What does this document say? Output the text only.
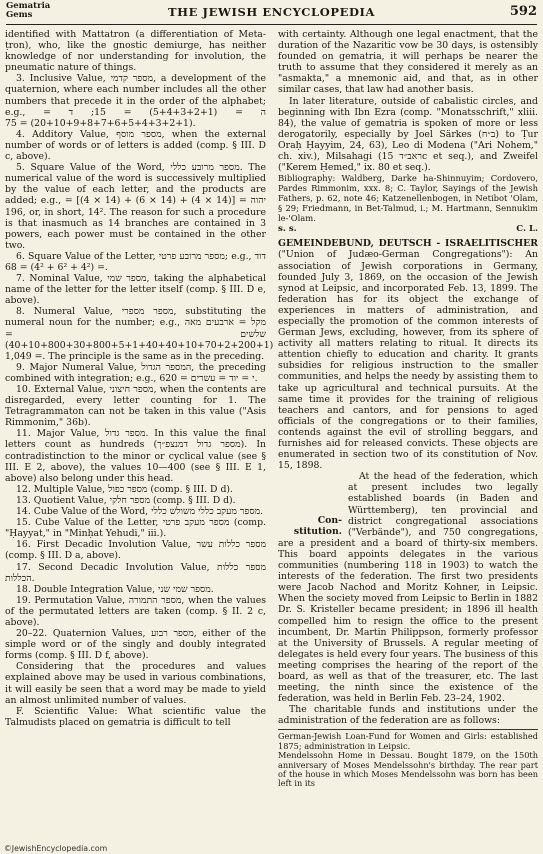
Gematria
Gems	THE JEWISH ENCYCLOPEDIA	592

identified with Mattatron (a differentiation of Meta-ṭron), who, like the gnostic demiurge, has neither knowledge of nor understanding for involution, the pneumatic nature of things.

3. Inclusive Value, מספר קדמי, a development of the quaternion, where each number includes all the other numbers that precede it in the order of the alphabet; e.g., ה = (5+4+3+2+1) = 15; ד = (20+10+9+8+7+6+5+4+3+2+1) = 75.

4. Additory Value, מספר מוסף, when the external number of words or of letters is added (comp. § III. D c, above).

5. Square Value of the Word, מספר מרובע כללי. The numerical value of the word is successively multiplied by the value of each letter, and the products are added; e.g., יהוה = [(14 × 4) + (14 × 6) + (14 × 4)] = 196, or, in short, 14². The reason for such a procedure is that inasmuch as 14 branches are contained in 3 powers, each power must be contained in the other two.

6. Square Value of the Letter, מספר מרובע פרטי; e.g., דוד = (4² + 6² + 4²) = 68.

7. Nominal Value, מספר שמי, taking the alphabetical name of the letter for the letter itself (comp. § III. D e, above).

8. Numeral Value, מספר מספרי, substituting the numeral noun for the number; e.g., מקל = ארבעים מאה שלשים = (40+10+800+30+800+5+1+40+40+10+70+2+200+1) = 1,049. The principle is the same as in the preceding.

9. Major Numeral Value, המספר הגדול, the preceding combined with integration; e.g., י = יוד = עשרים = 620.

10. External Value, מספר חיצוני, when the contents are disregarded, every letter counting for 1. The Tetragrammaton can not be taken in this value ("Asis Rimmonim," 36b).

11. Major Value, מספר גדול. In this value the final letters count as hundreds (מספר גדול דמנצפ״ך). In contradistinction to the minor or cyclical value (see § III. E 2, above), the values 10—400 (see § III. E 1, above) also belong under this head.

12. Multiple Value, מספר כפול (comp. § III. D d).

13. Quotient Value, מספר חלקי (comp. § III. D d).

14. Cube Value of the Word, מספר מעקב כללי משולש כללי.

15. Cube Value of the Letter, מספר מעקב פרטי (comp. "Ḥayyat," in "Minḥat Yehudi," iii.).

16. First Decadic Involution Value, מספר כללות עשר (comp. § III. D a, above).

17. Second Decadic Involution Value, מספר כללות הכללות.

18. Double Integration Value, מספר שמי שני.

19. Permutation Value, מספר התמורה, when the values of the permutated letters are taken (comp. § II. 2 c, above).

20–22. Quaternion Values, מספר רבוע, either of the simple word or of the singly and doubly integrated forms (comp. § III. D f, above).

Considering that the procedures and values explained above may be used in various combinations, it will easily be seen that a word may be made to yield an almost unlimited number of values.

F. Scientific Value: What scientific value the Talmudists placed on gematria is difficult to tell

with certainty. Although one legal enactment, that the duration of the Nazaritic vow be 30 days, is ostensibly founded on gematria, it will perhaps be nearer the truth to assume that they considered it merely as an "asmakta," a mnemonic aid, and that, as in other similar cases, that law had another basis.

In later literature, outside of cabalistic circles, and beginning with Ibn Ezra (comp. "Monatsschrift," xliii. 84), the value of gematria is spoken of more or less derogatorily, especially by Joel Särkes (ב״ח) to Ṭur Oraḥ Ḥayyim, 24, 63), Leo di Modena ("Ari Nohem," ch. xiv.), Milsahagi (ראב״ד 15c et seq.), and Zweifel ("Kerem Ḥemed," ix. 80 et seq.).

Bibliography: Waldberg, Darke ha-Shinnuyim; Cordovero, Pardes Rimmonim, xxx. 8; C. Taylor, Sayings of the Jewish Fathers, p. 62, note 46; Katzenellenbogen, in Netibot 'Olam, § 29; Friedmann, in Bet-Talmud, i.; M. Hartmann, Sennukim le-'Olam.

s. s.	C. L.

GEMEINDEBUND, DEUTSCH - ISRAELITISCHER ("Union of Judæo-German Congregations"): An association of Jewish corporations in Germany, founded July 3, 1869, on the occasion of the Jewish synod at Leipsic, and incorporated Feb. 13, 1899. The federation has for its object the exchange of experiences in matters of administration, and especially the promotion of the common interests of German Jews, excluding, however, from its sphere of activity all matters relating to ritual. It directs its attention chiefly to education and charity. It grants subsidies for religious instruction to the smaller communities, and helps the needy by assisting them to take up agricultural and technical pursuits. At the same time it provides for the training of religious teachers and cantors, and for pensions to aged officials of the congregations or to their families, contends against the evil of strolling beggars, and furnishes aid for released convicts. These objects are enumerated in section two of its constitution of Nov. 15, 1898.

Con-
stitution.

At the head of the federation, which at present includes two legally established boards (in Baden and Württemberg), ten provincial and district congregational associations ("Verbände"), and 750 congregations, are a president and a board of thirty-six members. This board appoints delegates in the various communities (numbering 118 in 1903) to watch the interests of the federation. The first two presidents were Jacob Nachod and Moritz Kohner, in Leipsic. When the society moved from Leipsic to Berlin in 1882 Dr. S. Kristeller became president; in 1896 ill health compelled him to resign the office to the present incumbent, Dr. Martin Philippson, formerly professor at the University of Brussels. A regular meeting of delegates is held every four years. The business of this meeting comprises the hearing of the report of the board, as well as that of the treasurer, etc. The last meeting, the ninth since the existence of the federation, was held in Berlin Feb. 23–24, 1902.

The charitable funds and institutions under the administration of the federation are as follows:

German-Jewish Loan-Fund for Women and Girls: established 1875; administration in Leipsic.

Mendelssohn Home in Dessau. Bought 1879, on the 150th anniversary of Moses Mendelssohn's birthday. The rear part of the house in which Moses Mendelssohn was born has been left in its

©JewishEncyclopedia.com
